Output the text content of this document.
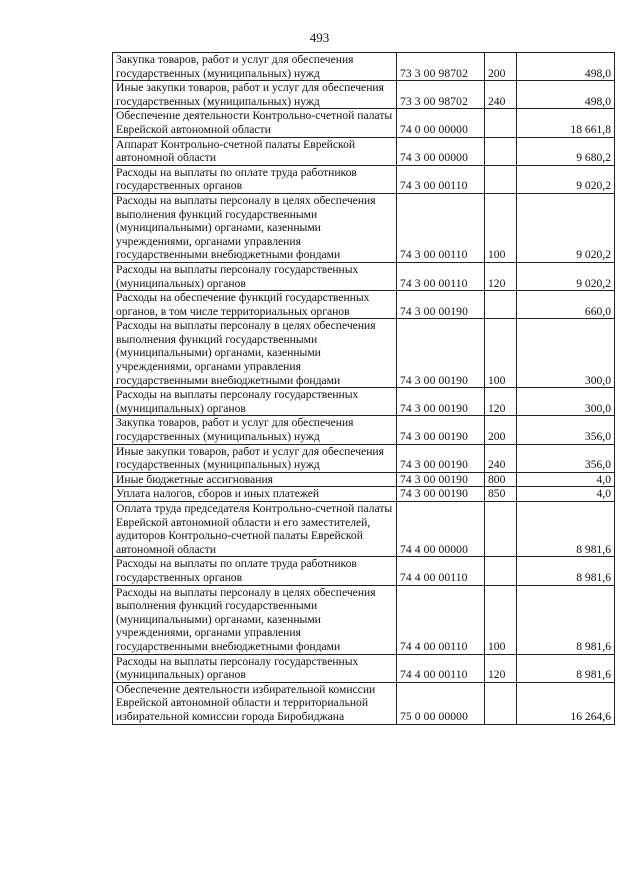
493
Закупка товаров, работ и услуг для обеспечения государственных (муниципальных) нужд	73 3 00 98702	200	498,0
Иные закупки товаров, работ и услуг для обеспечения государственных (муниципальных) нужд	73 3 00 98702	240	498,0
Обеспечение деятельности Контрольно-счетной палаты Еврейской автономной области	74 0 00 00000		18 661,8
Аппарат Контрольно-счетной палаты Еврейской автономной области	74 3 00 00000		9 680,2
Расходы на выплаты по оплате труда работников государственных органов	74 3 00 00110		9 020,2
Расходы на выплаты персоналу в целях обеспечения выполнения функций государственными (муниципальными) органами, казенными учреждениями, органами управления государственными внебюджетными фондами	74 3 00 00110	100	9 020,2
Расходы на выплаты персоналу государственных (муниципальных) органов	74 3 00 00110	120	9 020,2
Расходы на обеспечение функций государственных органов, в том числе территориальных органов	74 3 00 00190		660,0
Расходы на выплаты персоналу в целях обеспечения выполнения функций государственными (муниципальными) органами, казенными учреждениями, органами управления государственными внебюджетными фондами	74 3 00 00190	100	300,0
Расходы на выплаты персоналу государственных (муниципальных) органов	74 3 00 00190	120	300,0
Закупка товаров, работ и услуг для обеспечения государственных (муниципальных) нужд	74 3 00 00190	200	356,0
Иные закупки товаров, работ и услуг для обеспечения государственных (муниципальных) нужд	74 3 00 00190	240	356,0
Иные бюджетные ассигнования	74 3 00 00190	800	4,0
Уплата налогов, сборов и иных платежей	74 3 00 00190	850	4,0
Оплата труда председателя Контрольно-счетной палаты Еврейской автономной области и его заместителей, аудиторов Контрольно-счетной палаты Еврейской автономной области	74 4 00 00000		8 981,6
Расходы на выплаты по оплате труда работников государственных органов	74 4 00 00110		8 981,6
Расходы на выплаты персоналу в целях обеспечения выполнения функций государственными (муниципальными) органами, казенными учреждениями, органами управления государственными внебюджетными фондами	74 4 00 00110	100	8 981,6
Расходы на выплаты персоналу государственных (муниципальных) органов	74 4 00 00110	120	8 981,6
Обеспечение деятельности избирательной комиссии Еврейской автономной области и территориальной избирательной комиссии города Биробиджана	75 0 00 00000		16 264,6
